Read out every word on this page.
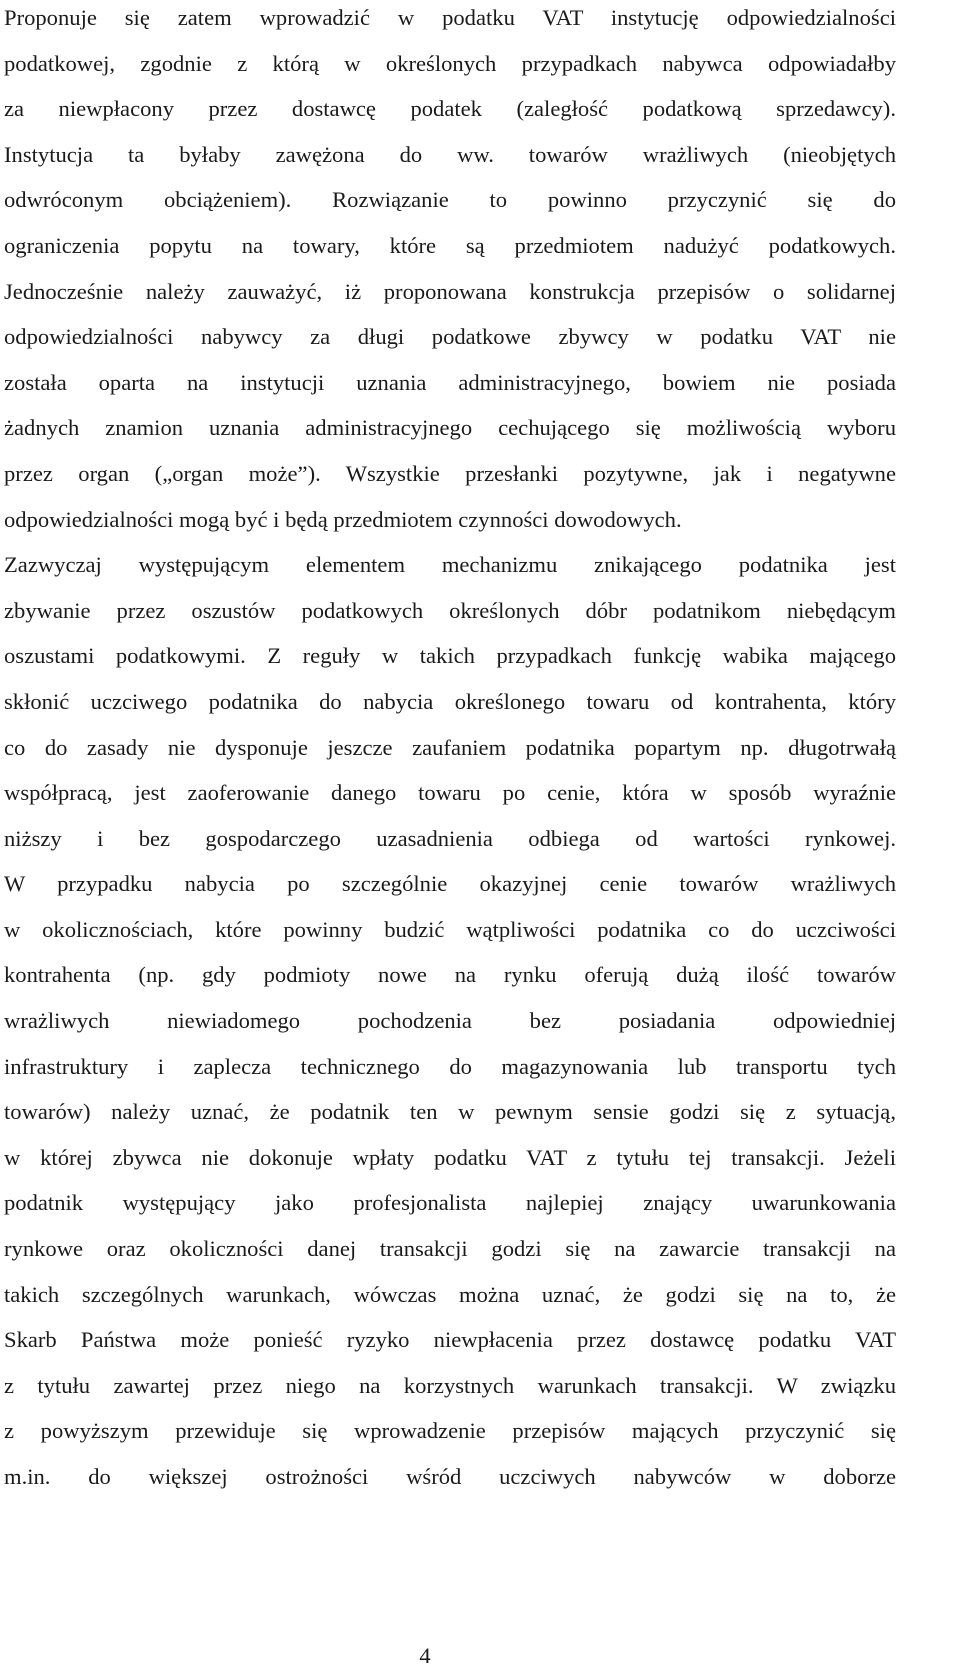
Proponuje się zatem wprowadzić w podatku VAT instytucję odpowiedzialności
podatkowej, zgodnie z którą w określonych przypadkach nabywca odpowiadałby
za niewpłacony przez dostawcę podatek (zaległość podatkową sprzedawcy).
Instytucja ta byłaby zawężona do ww. towarów wrażliwych (nieobjętych
odwróconym obciążeniem). Rozwiązanie to powinno przyczynić się do
ograniczenia popytu na towary, które są przedmiotem nadużyć podatkowych.
Jednocześnie należy zauważyć, iż proponowana konstrukcja przepisów o solidarnej
odpowiedzialności nabywcy za długi podatkowe zbywcy w podatku VAT nie
została oparta na instytucji uznania administracyjnego, bowiem nie posiada
żadnych znamion uznania administracyjnego cechującego się możliwością wyboru
przez organ („organ może”). Wszystkie przesłanki pozytywne, jak i negatywne
odpowiedzialności mogą być i będą przedmiotem czynności dowodowych.
Zazwyczaj występującym elementem mechanizmu znikającego podatnika jest
zbywanie przez oszustów podatkowych określonych dóbr podatnikom niebędącym
oszustami podatkowymi. Z reguły w takich przypadkach funkcję wabika mającego
skłonić uczciwego podatnika do nabycia określonego towaru od kontrahenta, który
co do zasady nie dysponuje jeszcze zaufaniem podatnika popartym np. długotrwałą
współpracą, jest zaoferowanie danego towaru po cenie, która w sposób wyraźnie
niższy i bez gospodarczego uzasadnienia odbiega od wartości rynkowej.
W przypadku nabycia po szczególnie okazyjnej cenie towarów wrażliwych
w okolicznościach, które powinny budzić wątpliwości podatnika co do uczciwości
kontrahenta (np. gdy podmioty nowe na rynku oferują dużą ilość towarów
wrażliwych niewiadomego pochodzenia bez posiadania odpowiedniej
infrastruktury i zaplecza technicznego do magazynowania lub transportu tych
towarów) należy uznać, że podatnik ten w pewnym sensie godzi się z sytuacją,
w której zbywca nie dokonuje wpłaty podatku VAT z tytułu tej transakcji. Jeżeli
podatnik występujący jako profesjonalista najlepiej znający uwarunkowania
rynkowe oraz okoliczności danej transakcji godzi się na zawarcie transakcji na
takich szczególnych warunkach, wówczas można uznać, że godzi się na to, że
Skarb Państwa może ponieść ryzyko niewpłacenia przez dostawcę podatku VAT
z tytułu zawartej przez niego na korzystnych warunkach transakcji. W związku
z powyższym przewiduje się wprowadzenie przepisów mających przyczynić się
m.in. do większej ostrożności wśród uczciwych nabywców w doborze
4
